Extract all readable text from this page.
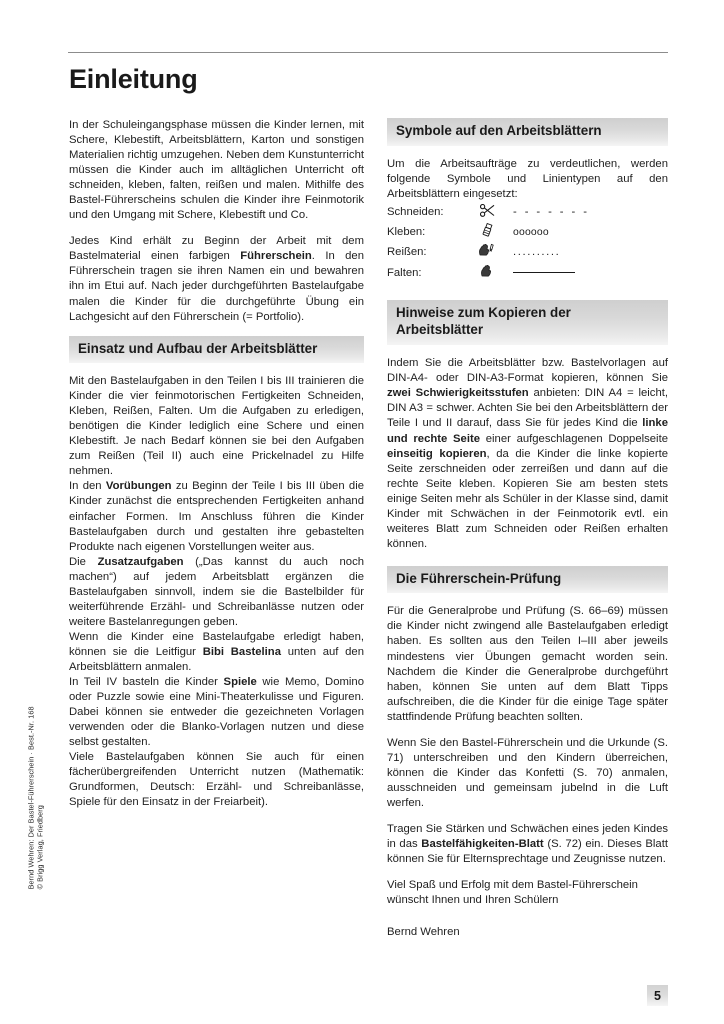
Bernd Wehren: Der Bastel-Führerschein · Best.-Nr. 168 © Brigg Verlag, Friedberg
Einleitung

In der Schuleingangsphase müssen die Kinder lernen, mit Schere, Klebestift, Arbeitsblättern, Karton und sonstigen Materialien richtig umzugehen. Neben dem Kunstunterricht müssen die Kinder auch im alltäglichen Unterricht oft schneiden, kleben, falten, reißen und malen. Mithilfe des Bastel-Führerscheins schulen die Kinder ihre Feinmotorik und den Umgang mit Schere, Klebestift und Co.

Jedes Kind erhält zu Beginn der Arbeit mit dem Bastelmaterial einen farbigen Führerschein. In den Führerschein tragen sie ihren Namen ein und bewahren ihn im Etui auf. Nach jeder durchgeführten Bastelaufgabe malen die Kinder für die durchgeführte Übung ein Lachgesicht auf den Führerschein (= Portfolio).

Einsatz und Aufbau der Arbeitsblätter

Mit den Bastelaufgaben in den Teilen I bis III trainieren die Kinder die vier feinmotorischen Fertigkeiten Schneiden, Kleben, Reißen, Falten. Um die Aufgaben zu erledigen, benötigen die Kinder lediglich eine Schere und einen Klebestift. Je nach Bedarf können sie bei den Aufgaben zum Reißen (Teil II) auch eine Prickelnadel zu Hilfe nehmen.

In den Vorübungen zu Beginn der Teile I bis III üben die Kinder zunächst die entsprechenden Fertigkeiten anhand einfacher Formen. Im Anschluss führen die Kinder Bastelaufgaben durch und gestalten ihre gebastelten Produkte nach eigenen Vorstellungen weiter aus.

Die Zusatzaufgaben („Das kannst du auch noch machen“) auf jedem Arbeitsblatt ergänzen die Bastelaufgaben sinnvoll, indem sie die Bastelbilder für weiterführende Erzähl- und Schreibanlässe nutzen oder weitere Bastelanregungen geben.

Wenn die Kinder eine Bastelaufgabe erledigt haben, können sie die Leitfigur Bibi Bastelina unten auf den Arbeitsblättern anmalen.

In Teil IV basteln die Kinder Spiele wie Memo, Domino oder Puzzle sowie eine Mini-Theaterkulisse und Figuren. Dabei können sie entweder die gezeichneten Vorlagen verwenden oder die Blanko-Vorlagen nutzen und diese selbst gestalten.

Viele Bastelaufgaben können Sie auch für einen fächerübergreifenden Unterricht nutzen (Mathematik: Grundformen, Deutsch: Erzähl- und Schreibanlässe, Spiele für den Einsatz in der Freiarbeit).

Symbole auf den Arbeitsblättern

Um die Arbeitsaufträge zu verdeutlichen, werden folgende Symbole und Linientypen auf den Arbeitsblättern eingesetzt:

Schneiden:		- - - - - - -
Kleben:		oooooo
Reißen:		..........
Falten:	

Hinweise zum Kopieren der Arbeitsblätter

Indem Sie die Arbeitsblätter bzw. Bastelvorlagen auf DIN-A4- oder DIN-A3-Format kopieren, können Sie zwei Schwierigkeitsstufen anbieten: DIN A4 = leicht, DIN A3 = schwer. Achten Sie bei den Arbeitsblättern der Teile I und II darauf, dass Sie für jedes Kind die linke und rechte Seite einer aufgeschlagenen Doppelseite einseitig kopieren, da die Kinder die linke kopierte Seite zerschneiden oder zerreißen und dann auf die rechte Seite kleben. Kopieren Sie am besten stets einige Seiten mehr als Schüler in der Klasse sind, damit Kinder mit Schwächen in der Feinmotorik evtl. ein weiteres Blatt zum Schneiden oder Reißen erhalten können.

Die Führerschein-Prüfung

Für die Generalprobe und Prüfung (S. 66–69) müssen die Kinder nicht zwingend alle Bastelaufgaben erledigt haben. Es sollten aus den Teilen I–III aber jeweils mindestens vier Übungen gemacht worden sein. Nachdem die Kinder die Generalprobe durchgeführt haben, können Sie unten auf dem Blatt Tipps aufschreiben, die die Kinder für die einige Tage später stattfindende Prüfung beachten sollten.

Wenn Sie den Bastel-Führerschein und die Urkunde (S. 71) unterschreiben und den Kindern überreichen, können die Kinder das Konfetti (S. 70) anmalen, ausschneiden und gemeinsam jubelnd in die Luft werfen.

Tragen Sie Stärken und Schwächen eines jeden Kindes in das Bastelfähigkeiten-Blatt (S. 72) ein. Dieses Blatt können Sie für Elternsprechtage und Zeugnisse nutzen.

Viel Spaß und Erfolg mit dem Bastel-Führerschein wünscht Ihnen und Ihren Schülern

Bernd Wehren

5
